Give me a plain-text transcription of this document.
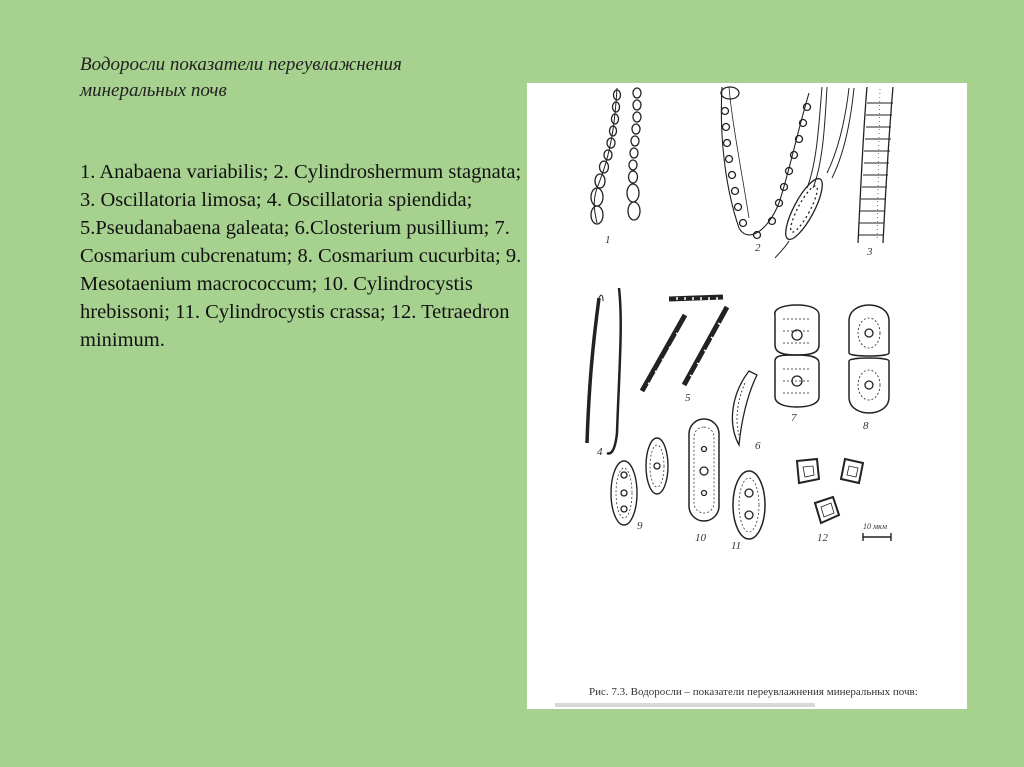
Водоросли показатели переувлажнения
минеральных почв
1. Anabaena variabilis; 2. Cylindroshermum stagnata; 3. Oscillatoria limosa; 4. Oscillatoria spiendida; 5.Pseudanabaena galeata; 6.Closterium pusillium; 7. Cosmarium cubcrenatum; 8. Cosmarium cucurbita; 9. Mesotaenium macrococcum; 10. Cylindrocystis hrebissoni; 11. Cylindrocystis crassa; 12. Tetraedron minimum.
1
2	3
4
5
6
7
8
9
10
11
12
10 мкм
Рис. 7.3. Водоросли – показатели переувлажнения минеральных почв:
